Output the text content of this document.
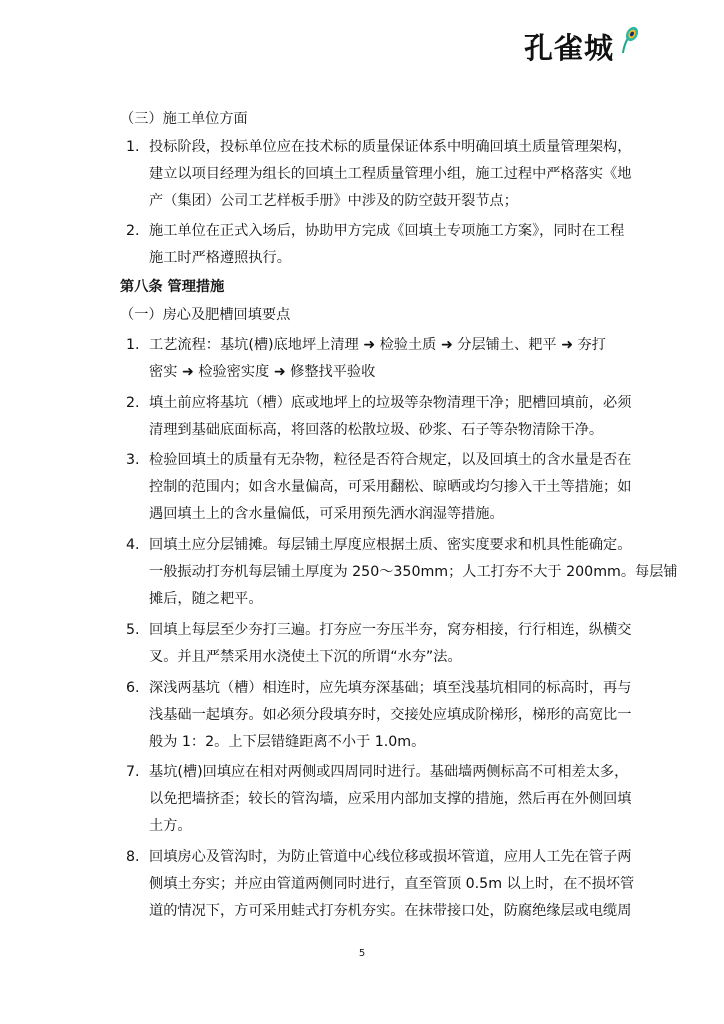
孔雀城
（三）施工单位方面
1. 投标阶段，投标单位应在技术标的质量保证体系中明确回填土质量管理架构，
建立以项目经理为组长的回填土工程质量管理小组，施工过程中严格落实《地
产（集团）公司工艺样板手册》中涉及的防空鼓开裂节点；
2. 施工单位在正式入场后，协助甲方完成《回填土专项施工方案》，同时在工程
施工时严格遵照执行。
第八条 管理措施
（一）房心及肥槽回填要点
1. 工艺流程：基坑(槽)底地坪上清理 ➜ 检验土质 ➜ 分层铺土、耙平 ➜ 夯打
密实 ➜ 检验密实度 ➜ 修整找平验收
2. 填土前应将基坑（槽）底或地坪上的垃圾等杂物清理干净；肥槽回填前，必须
清理到基础底面标高，将回落的松散垃圾、砂浆、石子等杂物清除干净。
3. 检验回填土的质量有无杂物，粒径是否符合规定，以及回填土的含水量是否在
控制的范围内；如含水量偏高，可采用翻松、晾晒或均匀掺入干土等措施；如
遇回填土上的含水量偏低，可采用预先洒水润湿等措施。
4. 回填土应分层铺摊。每层铺土厚度应根据土质、密实度要求和机具性能确定。
一般振动打夯机每层铺土厚度为 250～350mm；人工打夯不大于 200mm。每层铺
摊后，随之耙平。
5. 回填上每层至少夯打三遍。打夯应一夯压半夯，窝夯相接，行行相连，纵横交
叉。并且严禁采用水浇使土下沉的所谓“水夯”法。
6. 深浅两基坑（槽）相连时，应先填夯深基础；填至浅基坑相同的标高时，再与
浅基础一起填夯。如必须分段填夯时，交接处应填成阶梯形，梯形的高宽比一
般为 1：2。上下层错缝距离不小于 1.0m。
7. 基坑(槽)回填应在相对两侧或四周同时进行。基础墙两侧标高不可相差太多，
以免把墙挤歪；较长的管沟墙，应采用内部加支撑的措施，然后再在外侧回填
土方。
8. 回填房心及管沟时，为防止管道中心线位移或损坏管道，应用人工先在管子两
侧填土夯实；并应由管道两侧同时进行，直至管顶 0.5m 以上时，在不损坏管
道的情况下，方可采用蛙式打夯机夯实。在抹带接口处，防腐绝缘层或电缆周
5
